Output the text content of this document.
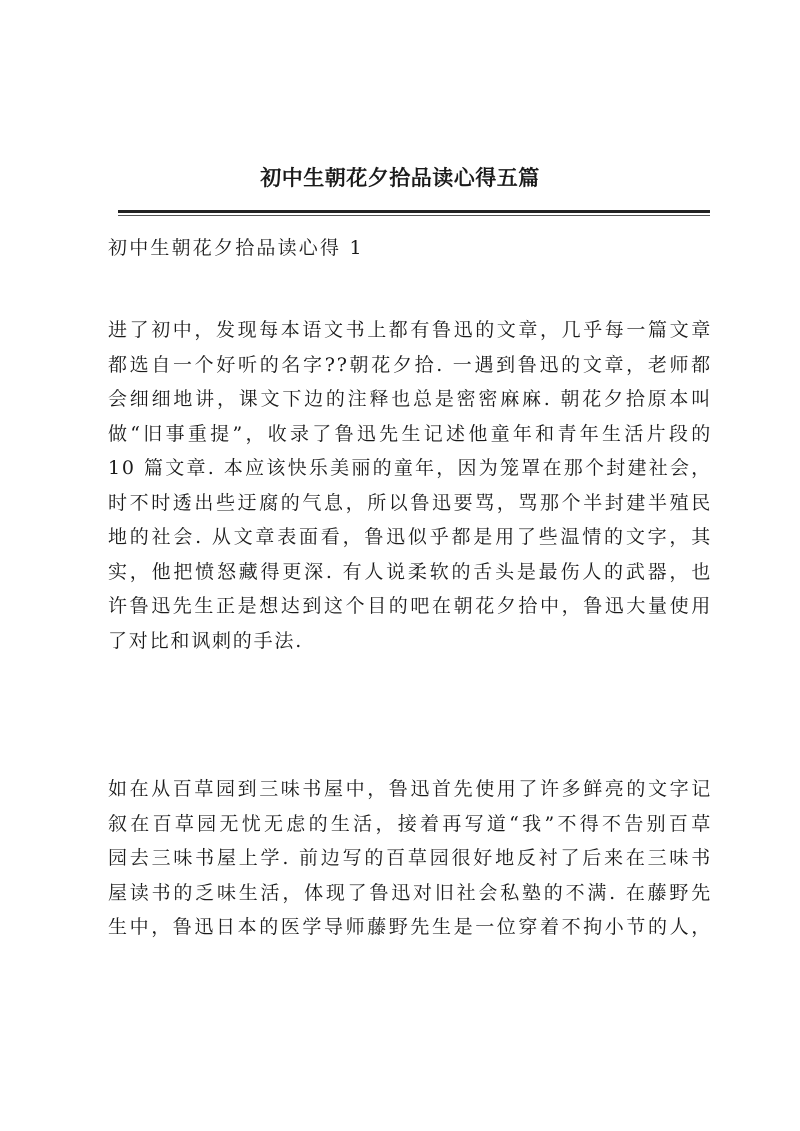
初中生朝花夕拾品读心得五篇
初中生朝花夕拾品读心得 1

进了初中，发现每本语文书上都有鲁迅的文章，几乎每一篇文章
都选自一个好听的名字??朝花夕拾. 一遇到鲁迅的文章，老师都
会细细地讲，课文下边的注释也总是密密麻麻. 朝花夕拾原本叫
做“旧事重提”，收录了鲁迅先生记述他童年和青年生活片段的
10 篇文章. 本应该快乐美丽的童年，因为笼罩在那个封建社会，
时不时透出些迂腐的气息，所以鲁迅要骂，骂那个半封建半殖民
地的社会. 从文章表面看，鲁迅似乎都是用了些温情的文字，其
实，他把愤怒藏得更深. 有人说柔软的舌头是最伤人的武器，也
许鲁迅先生正是想达到这个目的吧在朝花夕拾中，鲁迅大量使用
了对比和讽刺的手法.

如在从百草园到三味书屋中，鲁迅首先使用了许多鲜亮的文字记
叙在百草园无忧无虑的生活，接着再写道“我”不得不告别百草
园去三味书屋上学. 前边写的百草园很好地反衬了后来在三味书
屋读书的乏味生活，体现了鲁迅对旧社会私塾的不满. 在藤野先
生中，鲁迅日本的医学导师藤野先生是一位穿着不拘小节的人，
